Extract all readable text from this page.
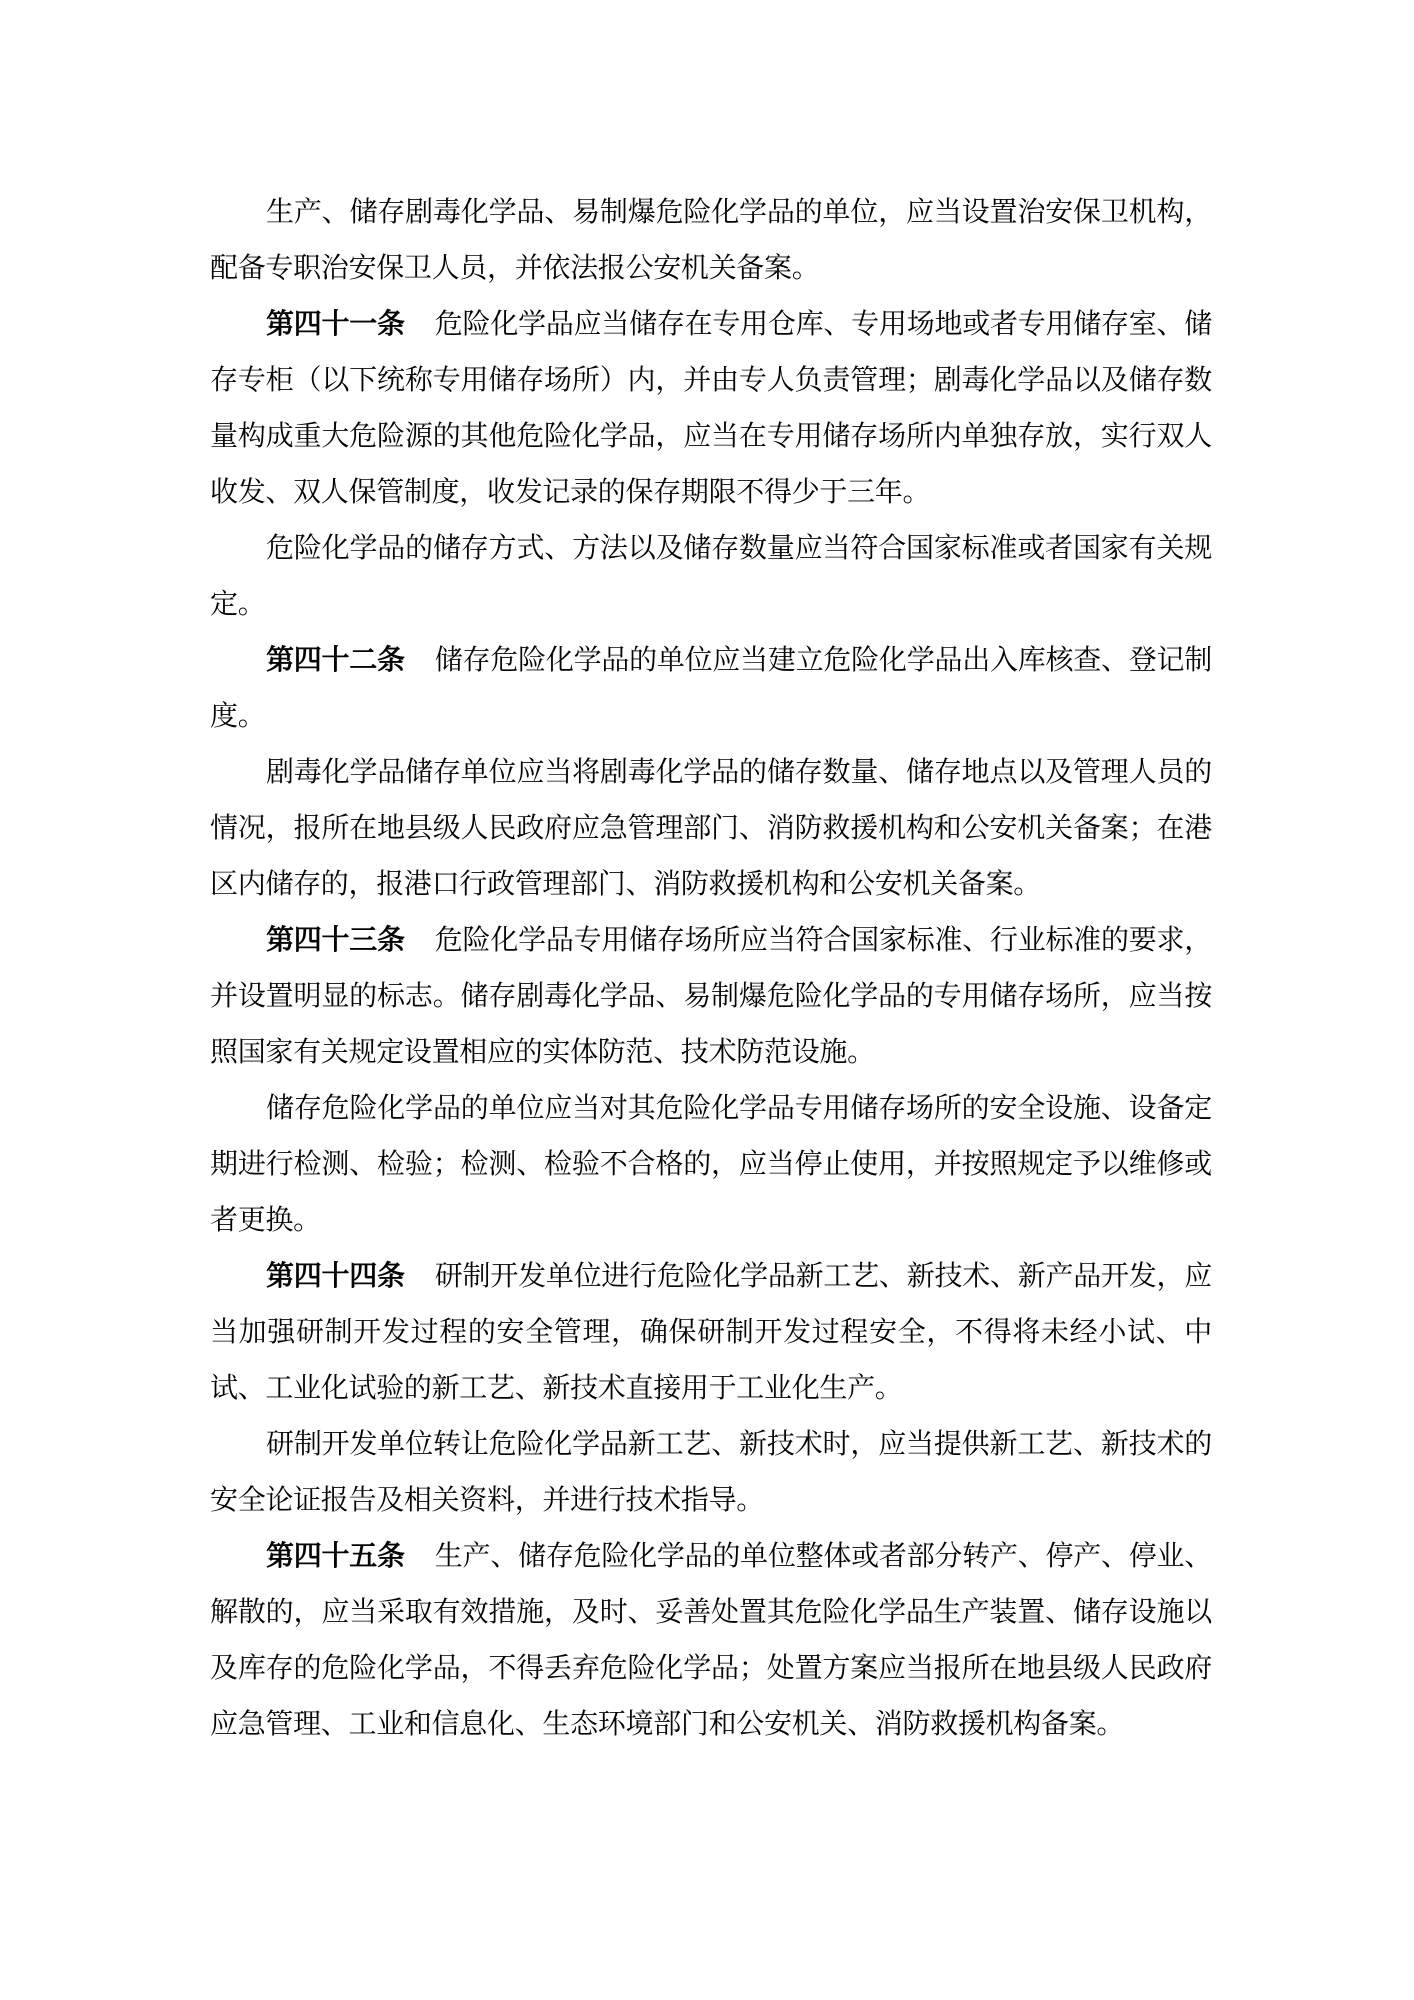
生产、储存剧毒化学品、易制爆危险化学品的单位，应当设置治安保卫机构，配备专职治安保卫人员，并依法报公安机关备案。

第四十一条 危险化学品应当储存在专用仓库、专用场地或者专用储存室、储存专柜（以下统称专用储存场所）内，并由专人负责管理；剧毒化学品以及储存数量构成重大危险源的其他危险化学品，应当在专用储存场所内单独存放，实行双人收发、双人保管制度，收发记录的保存期限不得少于三年。

危险化学品的储存方式、方法以及储存数量应当符合国家标准或者国家有关规定。

第四十二条 储存危险化学品的单位应当建立危险化学品出入库核查、登记制度。

剧毒化学品储存单位应当将剧毒化学品的储存数量、储存地点以及管理人员的情况，报所在地县级人民政府应急管理部门、消防救援机构和公安机关备案；在港区内储存的，报港口行政管理部门、消防救援机构和公安机关备案。

第四十三条 危险化学品专用储存场所应当符合国家标准、行业标准的要求，并设置明显的标志。储存剧毒化学品、易制爆危险化学品的专用储存场所，应当按照国家有关规定设置相应的实体防范、技术防范设施。

储存危险化学品的单位应当对其危险化学品专用储存场所的安全设施、设备定期进行检测、检验；检测、检验不合格的，应当停止使用，并按照规定予以维修或者更换。

第四十四条 研制开发单位进行危险化学品新工艺、新技术、新产品开发，应当加强研制开发过程的安全管理，确保研制开发过程安全，不得将未经小试、中试、工业化试验的新工艺、新技术直接用于工业化生产。

研制开发单位转让危险化学品新工艺、新技术时，应当提供新工艺、新技术的安全论证报告及相关资料，并进行技术指导。

第四十五条 生产、储存危险化学品的单位整体或者部分转产、停产、停业、解散的，应当采取有效措施，及时、妥善处置其危险化学品生产装置、储存设施以及库存的危险化学品，不得丢弃危险化学品；处置方案应当报所在地县级人民政府应急管理、工业和信息化、生态环境部门和公安机关、消防救援机构备案。
